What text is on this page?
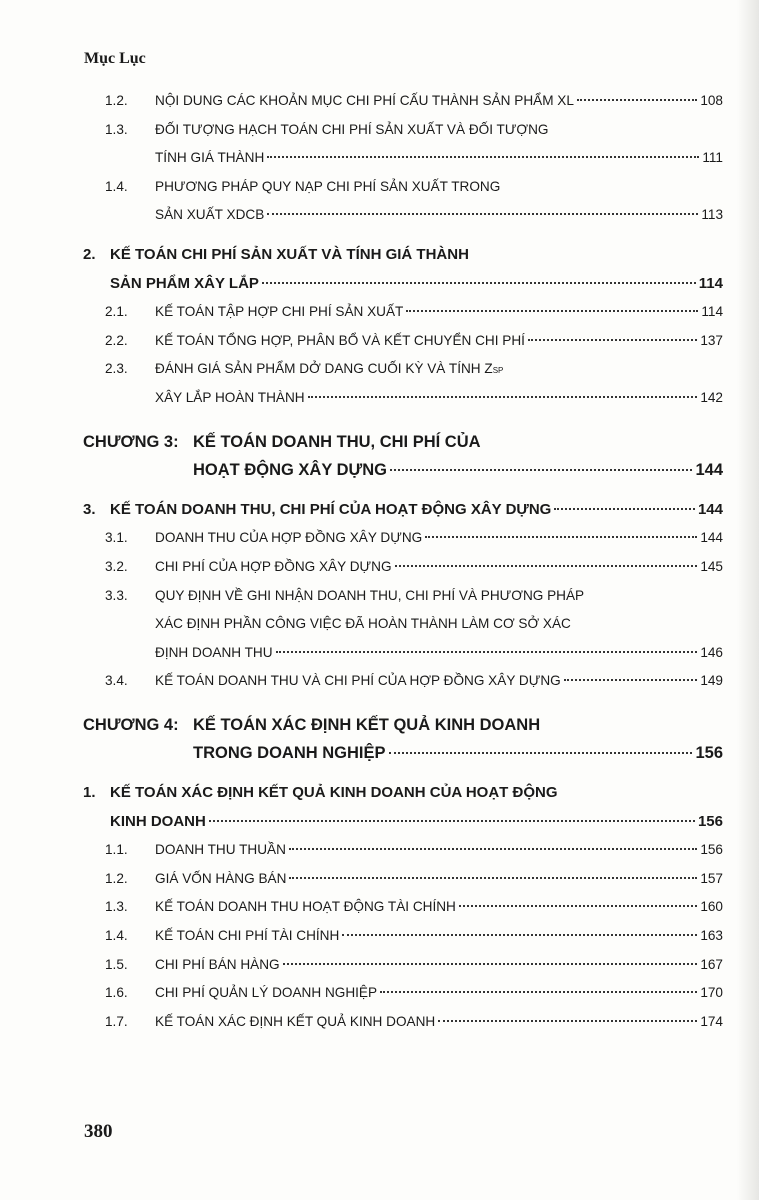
Mục Lục
1.2.	NỘI DUNG CÁC KHOẢN MỤC CHI PHÍ CẤU THÀNH SẢN PHẨM XL	108
1.3.	ĐỐI TƯỢNG HẠCH TOÁN CHI PHÍ SẢN XUẤT VÀ ĐỐI TƯỢNG
TÍNH GIÁ THÀNH	111
1.4.	PHƯƠNG PHÁP QUY NẠP CHI PHÍ SẢN XUẤT TRONG
SẢN XUẤT XDCB	113
2. KẾ TOÁN CHI PHÍ SẢN XUẤT VÀ TÍNH GIÁ THÀNH
SẢN PHẨM XÂY LẮP	114
2.1.	KẾ TOÁN TẬP HỢP CHI PHÍ SẢN XUẤT	114
2.2.	KẾ TOÁN TỔNG HỢP, PHÂN BỔ VÀ KẾT CHUYỂN CHI PHÍ	137
2.3.	ĐÁNH GIÁ SẢN PHẨM DỞ DANG CUỐI KỲ VÀ TÍNH Z SP
XÂY LẮP HOÀN THÀNH	142
CHƯƠNG 3: KẾ TOÁN DOANH THU, CHI PHÍ CỦA
HOẠT ĐỘNG XÂY DỰNG	144
3. KẾ TOÁN DOANH THU, CHI PHÍ CỦA HOẠT ĐỘNG XÂY DỰNG	144
3.1.	DOANH THU CỦA HỢP ĐỒNG XÂY DỰNG	144
3.2.	CHI PHÍ CỦA HỢP ĐỒNG XÂY DỰNG	145
3.3.	QUY ĐỊNH VỀ GHI NHẬN DOANH THU, CHI PHÍ VÀ PHƯƠNG PHÁP
XÁC ĐỊNH PHẦN CÔNG VIỆC ĐÃ HOÀN THÀNH LÀM CƠ SỞ XÁC
ĐỊNH DOANH THU	146
3.4.	KẾ TOÁN DOANH THU VÀ CHI PHÍ CỦA HỢP ĐỒNG XÂY DỰNG	149
CHƯƠNG 4: KẾ TOÁN XÁC ĐỊNH KẾT QUẢ KINH DOANH
TRONG DOANH NGHIỆP	156
1. KẾ TOÁN XÁC ĐỊNH KẾT QUẢ KINH DOANH CỦA HOẠT ĐỘNG
KINH DOANH	156
1.1.	DOANH THU THUẦN	156
1.2.	GIÁ VỐN HÀNG BÁN	157
1.3.	KẾ TOÁN DOANH THU HOẠT ĐỘNG TÀI CHÍNH	160
1.4.	KẾ TOÁN CHI PHÍ TÀI CHÍNH	163
1.5.	CHI PHÍ BÁN HÀNG	167
1.6.	CHI PHÍ QUẢN LÝ DOANH NGHIỆP	170
1.7.	KẾ TOÁN XÁC ĐỊNH KẾT QUẢ KINH DOANH	174
380
